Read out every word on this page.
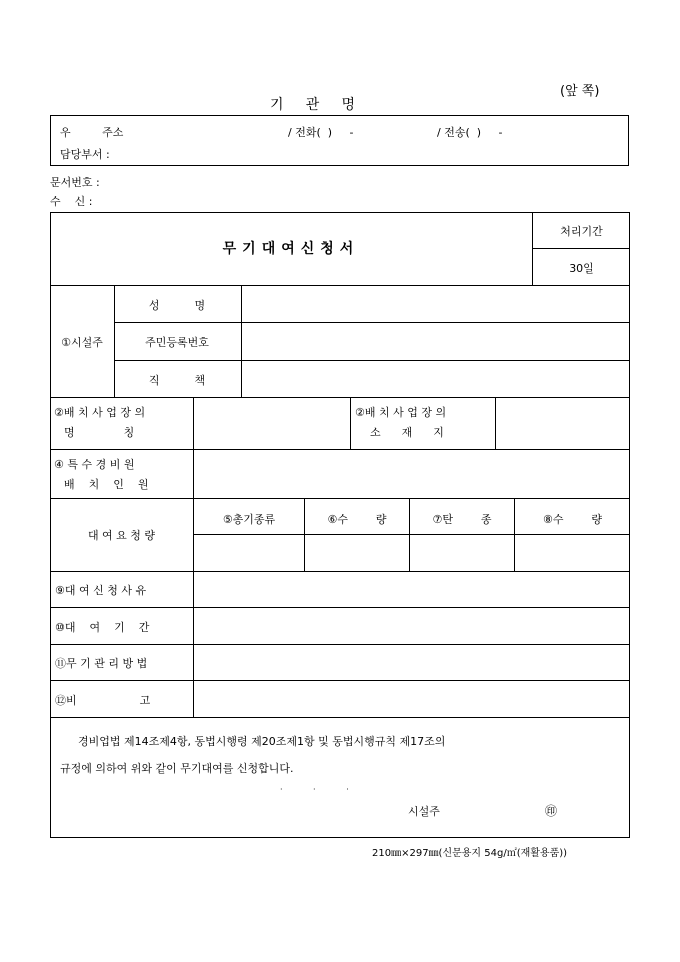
(앞 쪽)
기     관     명
우         주소	/ 전화(  )     -	/ 전송(  )     -
담당부서 :
문서번호 :
수    신 :
무기대여신청서
처리기간
30일
①시설주
성          명
주민등록번호
직          책
②배 치 사 업 장 의
명              칭
②배 치 사 업 장 의
소      재      지
④ 특 수 경 비 원
배    치    인    원
대 여 요 청 량
⑤총기종류	⑥수        량	⑦탄        종	⑧수        량
⑨대 여 신 청 사 유
⑩대    여    기    간
⑪무 기 관 리 방 법
⑫비                  고
경비업법 제14조제4항, 동법시행령 제20조제1항 및 동법시행규칙 제17조의
규정에 의하여 위와 같이 무기대여를 신청합니다.
·            ·            ·
시설주	㊞
210㎜×297㎜(신문용지 54g/㎡(재활용품))
